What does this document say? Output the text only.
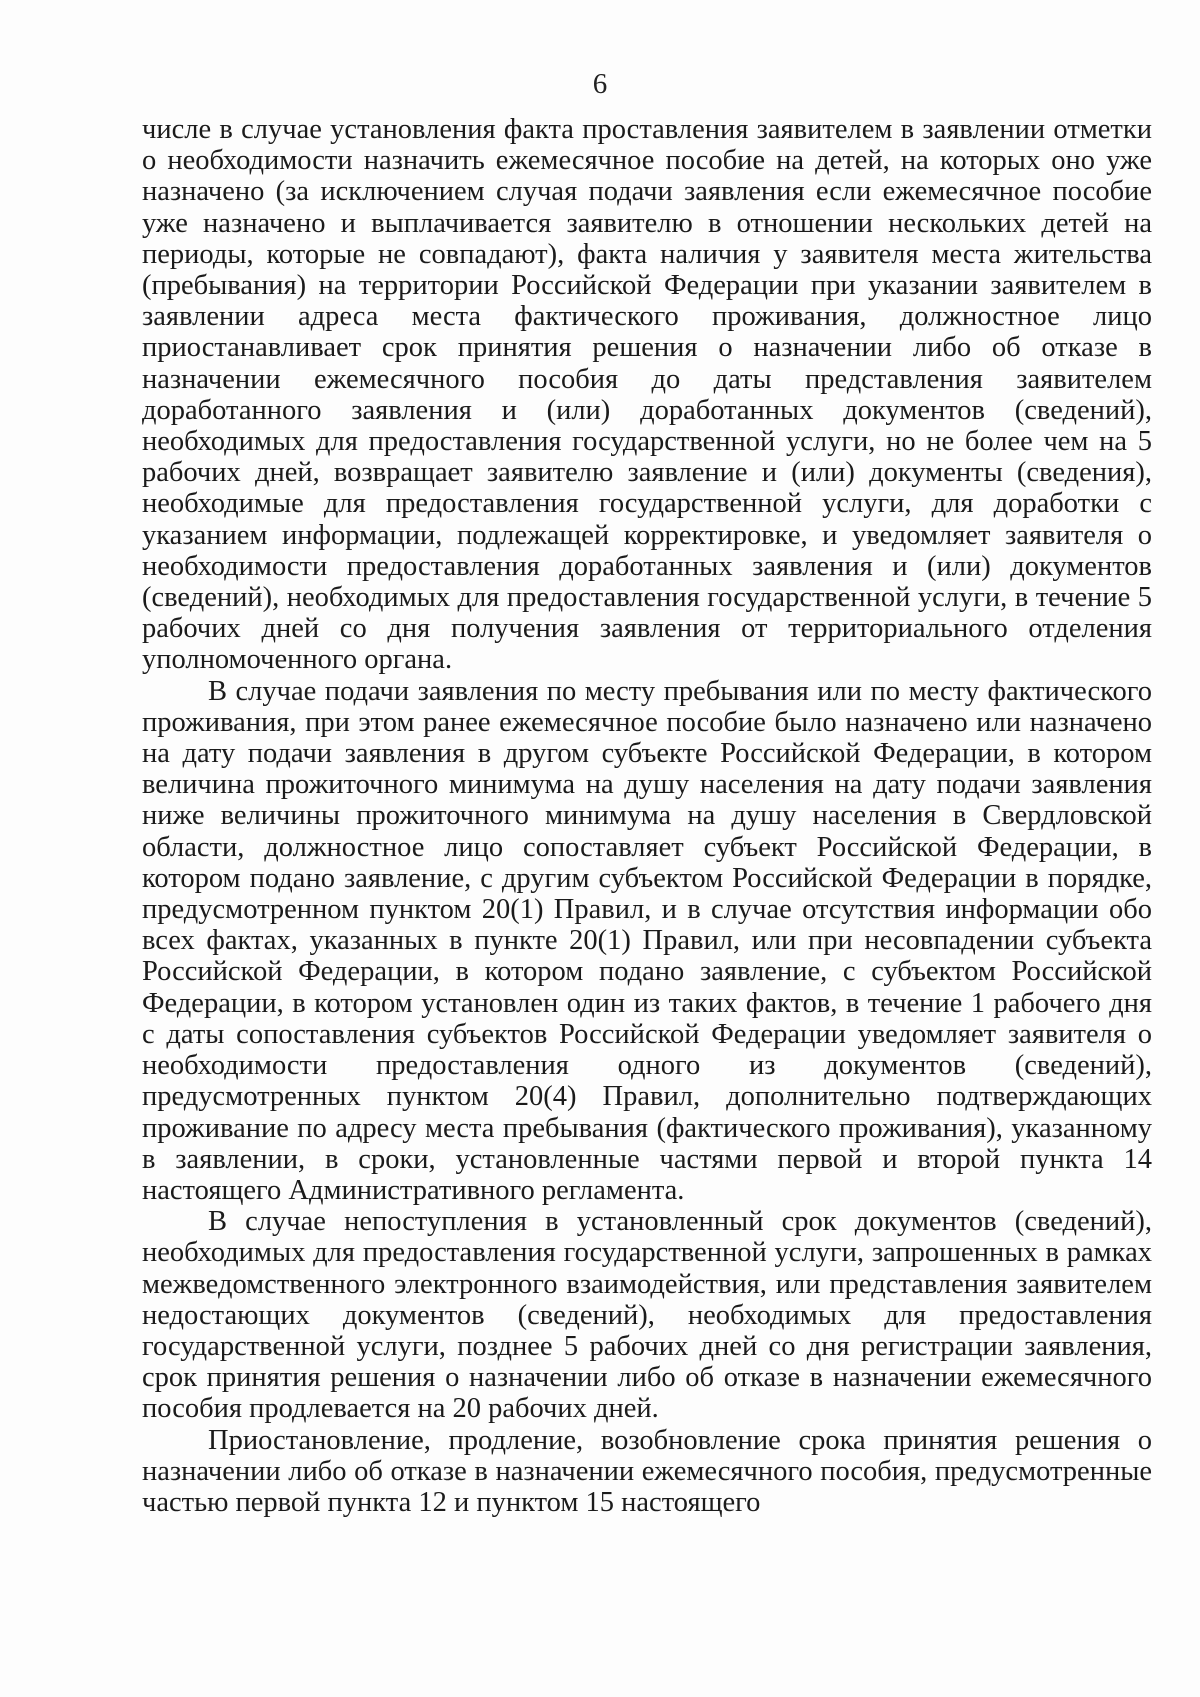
6

числе в случае установления факта проставления заявителем в заявлении отметки о необходимости назначить ежемесячное пособие на детей, на которых оно уже назначено (за исключением случая подачи заявления если ежемесячное пособие уже назначено и выплачивается заявителю в отношении нескольких детей на периоды, которые не совпадают), факта наличия у заявителя места жительства (пребывания) на территории Российской Федерации при указании заявителем в заявлении адреса места фактического проживания, должностное лицо приостанавливает срок принятия решения о назначении либо об отказе в назначении ежемесячного пособия до даты представления заявителем доработанного заявления и (или) доработанных документов (сведений), необходимых для предоставления государственной услуги, но не более чем на 5 рабочих дней, возвращает заявителю заявление и (или) документы (сведения), необходимые для предоставления государственной услуги, для доработки с указанием информации, подлежащей корректировке, и уведомляет заявителя о необходимости предоставления доработанных заявления и (или) документов (сведений), необходимых для предоставления государственной услуги, в течение 5 рабочих дней со дня получения заявления от территориального отделения уполномоченного органа.

В случае подачи заявления по месту пребывания или по месту фактического проживания, при этом ранее ежемесячное пособие было назначено или назначено на дату подачи заявления в другом субъекте Российской Федерации, в котором величина прожиточного минимума на душу населения на дату подачи заявления ниже величины прожиточного минимума на душу населения в Свердловской области, должностное лицо сопоставляет субъект Российской Федерации, в котором подано заявление, с другим субъектом Российской Федерации в порядке, предусмотренном пунктом 20(1) Правил, и в случае отсутствия информации обо всех фактах, указанных в пункте 20(1) Правил, или при несовпадении субъекта Российской Федерации, в котором подано заявление, с субъектом Российской Федерации, в котором установлен один из таких фактов, в течение 1 рабочего дня с даты сопоставления субъектов Российской Федерации уведомляет заявителя о необходимости предоставления одного из документов (сведений), предусмотренных пунктом 20(4) Правил, дополнительно подтверждающих проживание по адресу места пребывания (фактического проживания), указанному в заявлении, в сроки, установленные частями первой и второй пункта 14 настоящего Административного регламента.

В случае непоступления в установленный срок документов (сведений), необходимых для предоставления государственной услуги, запрошенных в рамках межведомственного электронного взаимодействия, или представления заявителем недостающих документов (сведений), необходимых для предоставления государственной услуги, позднее 5 рабочих дней со дня регистрации заявления, срок принятия решения о назначении либо об отказе в назначении ежемесячного пособия продлевается на 20 рабочих дней.

Приостановление, продление, возобновление срока принятия решения о назначении либо об отказе в назначении ежемесячного пособия, предусмотренные частью первой пункта 12 и пунктом 15 настоящего
